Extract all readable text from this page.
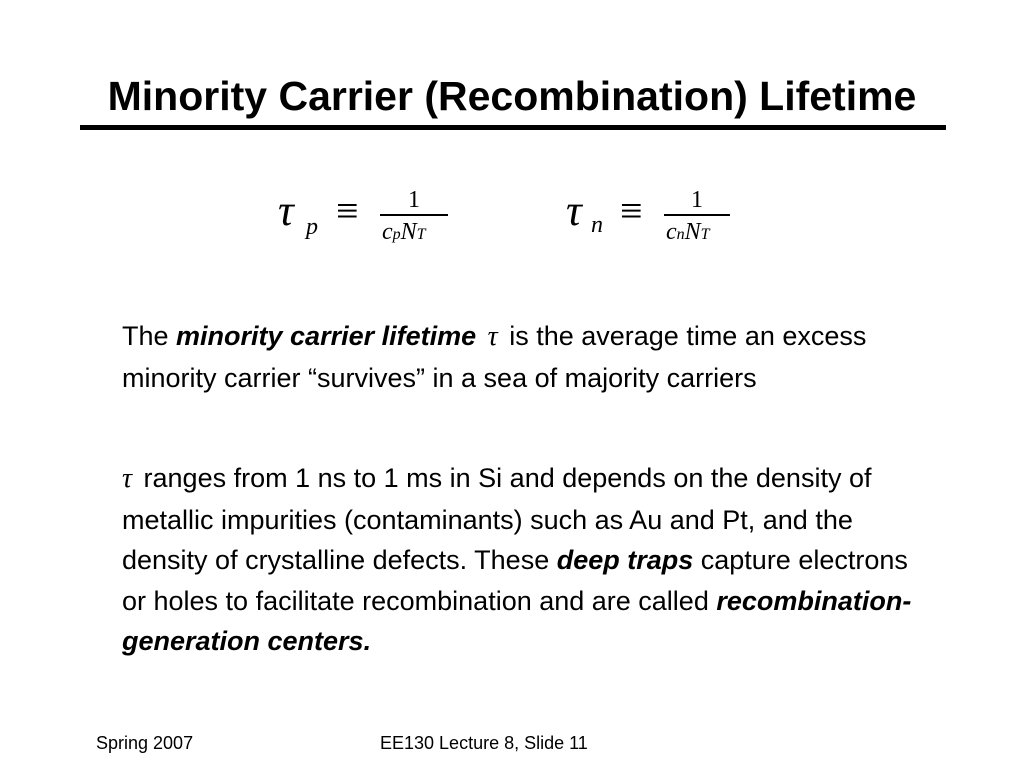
Minority Carrier (Recombination) Lifetime
τ p ≡	1
cpNT	τ n ≡	1
cnNT

The minority carrier lifetime τ is the average time an excess minority carrier “survives” in a sea of majority carriers

τ ranges from 1 ns to 1 ms in Si and depends on the density of metallic impurities (contaminants) such as Au and Pt, and the density of crystalline defects. These deep traps capture electrons or holes to facilitate recombination and are called recombination-generation centers.

Spring 2007	EE130 Lecture 8, Slide 11
